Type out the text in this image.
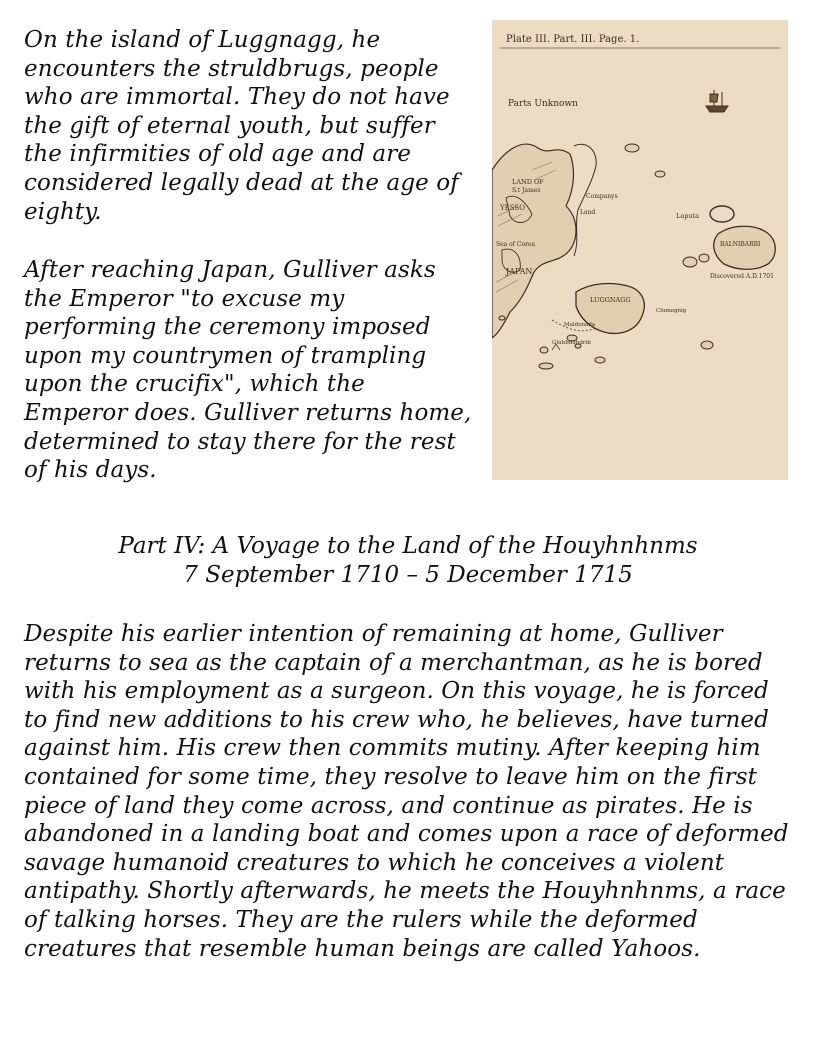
On the island of Luggnagg, he encounters the struldbrugs, people who are immortal. They do not have the gift of eternal youth, but suffer the infirmities of old age and are considered legally dead at the age of eighty.

After reaching Japan, Gulliver asks the Emperor "to excuse my performing the ceremony imposed upon my countrymen of trampling upon the crucifix", which the Emperor does. Gulliver returns home, determined to stay there for the rest of his days.

Plate III. Part. III. Page. 1.
Parts Unknown
LAND OF
S.t James
YESSO
Companys
Land
Sea of Corea
JAPAN
LUGGNAGG
Clumegnig
Maldonada
Glubbdubdrib
Laputa
BALNIBARBI
Discovered A.D.1701
Part IV: A Voyage to the Land of the Houyhnhnms
7 September 1710 – 5 December 1715

Despite his earlier intention of remaining at home, Gulliver returns to sea as the captain of a merchantman, as he is bored with his employment as a surgeon. On this voyage, he is forced to find new additions to his crew who, he believes, have turned against him. His crew then commits mutiny. After keeping him contained for some time, they resolve to leave him on the first piece of land they come across, and continue as pirates. He is abandoned in a landing boat and comes upon a race of deformed savage humanoid creatures to which he conceives a violent antipathy. Shortly afterwards, he meets the Houyhnhnms, a race of talking horses. They are the rulers while the deformed creatures that resemble human beings are called Yahoos.
